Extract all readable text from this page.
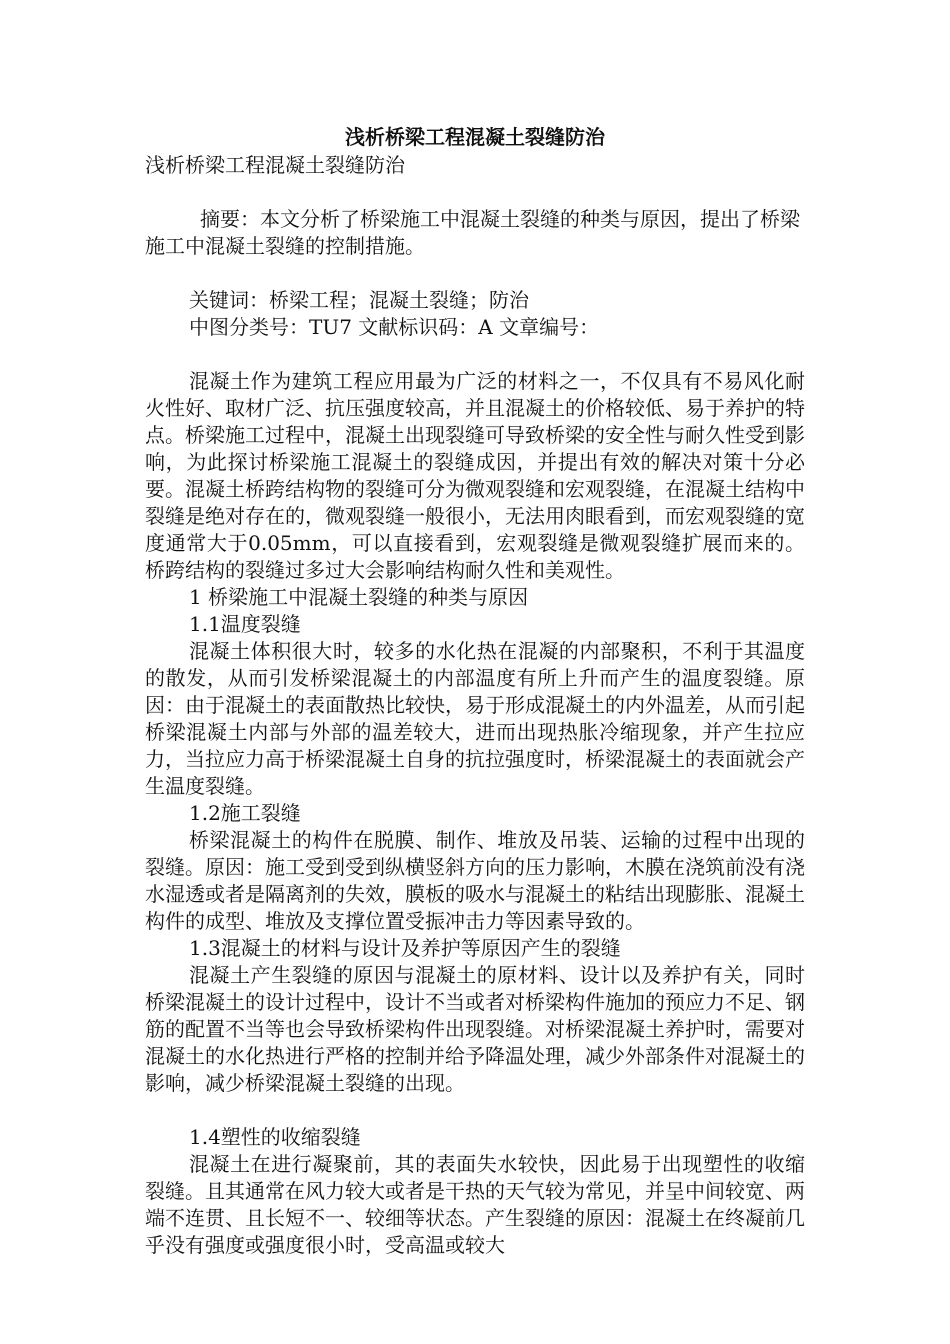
浅析桥梁工程混凝土裂缝防治

浅析桥梁工程混凝土裂缝防治

摘要：本文分析了桥梁施工中混凝土裂缝的种类与原因，提出了桥梁施工中混凝土裂缝的控制措施。

关键词：桥梁工程；混凝土裂缝；防治

中图分类号：TU7 文献标识码：A 文章编号：

混凝土作为建筑工程应用最为广泛的材料之一，不仅具有不易风化耐火性好、取材广泛、抗压强度较高，并且混凝土的价格较低、易于养护的特点。桥梁施工过程中，混凝土出现裂缝可导致桥梁的安全性与耐久性受到影响，为此探讨桥梁施工混凝土的裂缝成因，并提出有效的解决对策十分必要。混凝土桥跨结构物的裂缝可分为微观裂缝和宏观裂缝，在混凝土结构中裂缝是绝对存在的，微观裂缝一般很小，无法用肉眼看到，而宏观裂缝的宽度通常大于0.05mm，可以直接看到，宏观裂缝是微观裂缝扩展而来的。桥跨结构的裂缝过多过大会影响结构耐久性和美观性。

1 桥梁施工中混凝土裂缝的种类与原因

1.1温度裂缝

混凝土体积很大时，较多的水化热在混凝的内部聚积，不利于其温度的散发，从而引发桥梁混凝土的内部温度有所上升而产生的温度裂缝。原因：由于混凝土的表面散热比较快，易于形成混凝土的内外温差，从而引起桥梁混凝土内部与外部的温差较大，进而出现热胀冷缩现象，并产生拉应力，当拉应力高于桥梁混凝土自身的抗拉强度时，桥梁混凝土的表面就会产生温度裂缝。

1.2施工裂缝

桥梁混凝土的构件在脱膜、制作、堆放及吊装、运输的过程中出现的裂缝。原因：施工受到受到纵横竖斜方向的压力影响，木膜在浇筑前没有浇水湿透或者是隔离剂的失效，膜板的吸水与混凝土的粘结出现膨胀、混凝土构件的成型、堆放及支撑位置受振冲击力等因素导致的。

1.3混凝土的材料与设计及养护等原因产生的裂缝

混凝土产生裂缝的原因与混凝土的原材料、设计以及养护有关，同时桥梁混凝土的设计过程中，设计不当或者对桥梁构件施加的预应力不足、钢筋的配置不当等也会导致桥梁构件出现裂缝。对桥梁混凝土养护时，需要对混凝土的水化热进行严格的控制并给予降温处理，减少外部条件对混凝土的影响，减少桥梁混凝土裂缝的出现。

1.4塑性的收缩裂缝

混凝土在进行凝聚前，其的表面失水较快，因此易于出现塑性的收缩裂缝。且其通常在风力较大或者是干热的天气较为常见，并呈中间较宽、两端不连贯、且长短不一、较细等状态。产生裂缝的原因：混凝土在终凝前几乎没有强度或强度很小时，受高温或较大
